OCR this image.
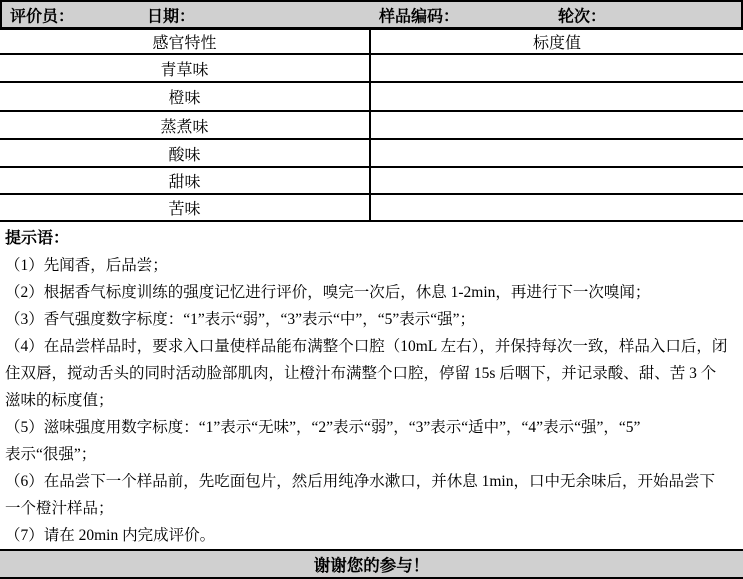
评价员：	日期：	样品编码：	轮次：
感官特性	标度值
青草味
橙味
蒸煮味
酸味
甜味
苦味
提示语：
（1）先闻香，后品尝；
（2）根据香气标度训练的强度记忆进行评价，嗅完一次后，休息 1-2min，再进行下一次嗅闻；
（3）香气强度数字标度：“1”表示“弱”，“3”表示“中”，“5”表示“强”；
（4）在品尝样品时，要求入口量使样品能布满整个口腔（10mL 左右），并保持每次一致，样品入口后，闭
住双唇，搅动舌头的同时活动脸部肌肉，让橙汁布满整个口腔，停留 15s 后咽下，并记录酸、甜、苦 3 个
滋味的标度值；
（5）滋味强度用数字标度：“1”表示“无味”，“2”表示“弱”，“3”表示“适中”，“4”表示“强”，“5”
表示“很强”；
（6）在品尝下一个样品前，先吃面包片，然后用纯净水漱口，并休息 1min，口中无余味后，开始品尝下
一个橙汁样品；
（7）请在 20min 内完成评价。
谢谢您的参与！
